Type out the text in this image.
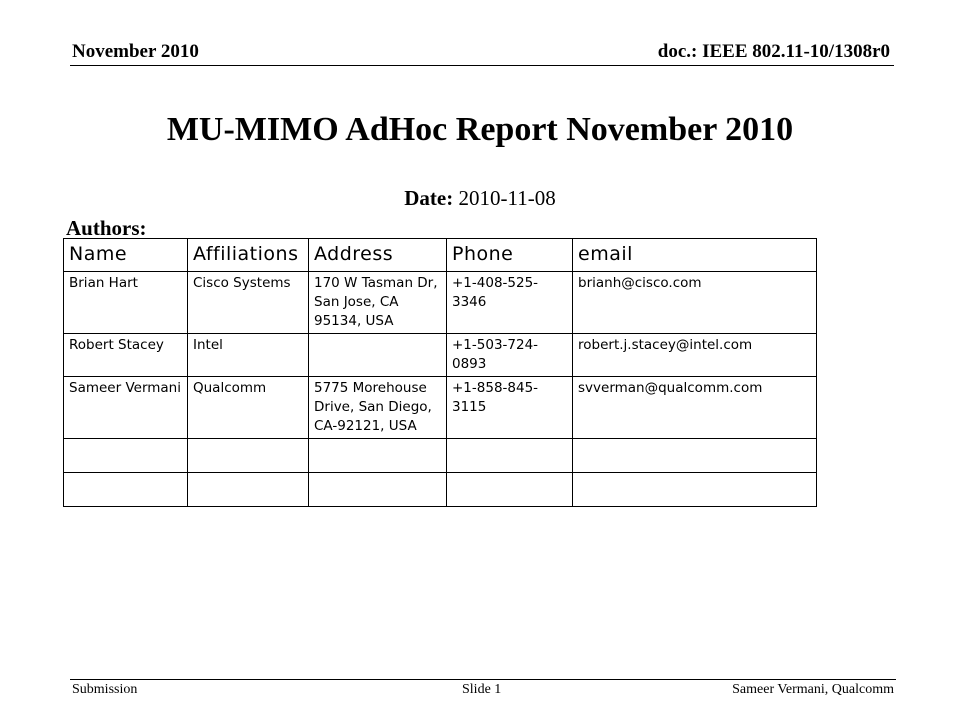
November 2010	doc.: IEEE 802.11-10/1308r0
MU-MIMO AdHoc Report November 2010
Date: 2010-11-08
Authors:
Name	Affiliations	Address	Phone	email
Brian Hart	Cisco Systems	170 W Tasman Dr,
San Jose, CA
95134, USA	+1-408-525-3346	brianh@cisco.com
Robert Stacey	Intel		+1-503-724-0893	robert.j.stacey@intel.com
Sameer Vermani	Qualcomm	5775 Morehouse
Drive, San Diego,
CA-92121, USA	+1-858-845-3115	svverman@qualcomm.com

Submission	Slide 1	Sameer Vermani, Qualcomm
